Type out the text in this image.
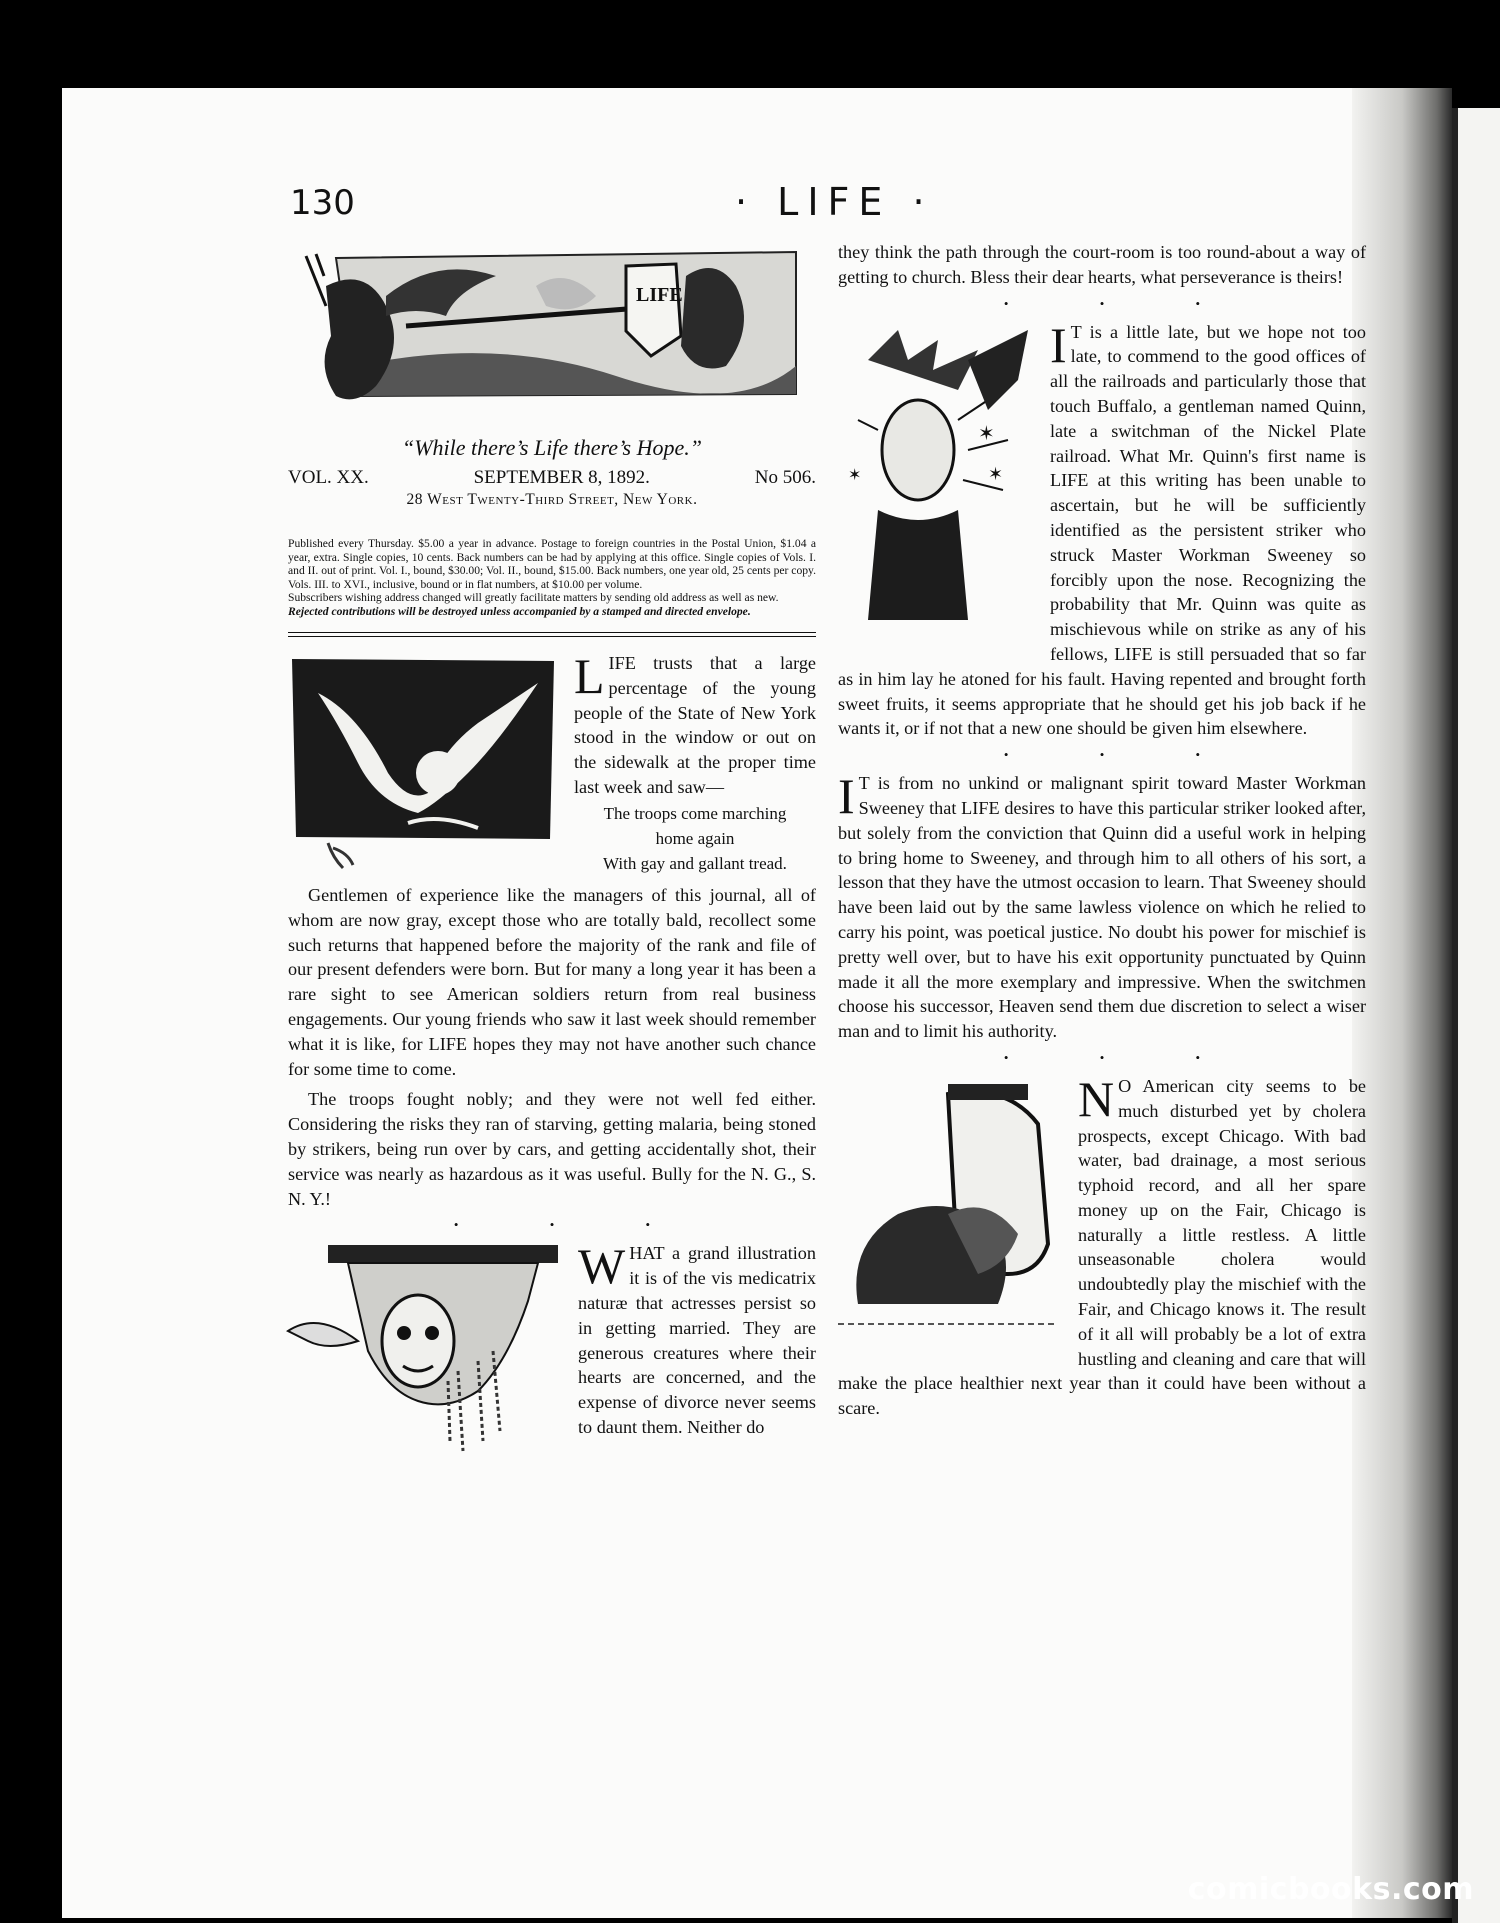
130	· LIFE ·
LIFE
“While there’s Life there’s Hope.”
VOL. XX.	SEPTEMBER 8, 1892.	No 506.
28 West Twenty-Third Street, New York.
Published every Thursday. $5.00 a year in advance. Postage to foreign countries in the Postal Union, $1.04 a year, extra. Single copies, 10 cents. Back numbers can be had by applying at this office. Single copies of Vols. I. and II. out of print. Vol. I., bound, $30.00; Vol. II., bound, $15.00. Back numbers, one year old, 25 cents per copy. Vols. III. to XVI., inclusive, bound or in flat numbers, at $10.00 per volume.
Subscribers wishing address changed will greatly facilitate matters by sending old address as well as new.
Rejected contributions will be destroyed unless accompanied by a stamped and directed envelope.
L IFE trusts that a large percentage of the young people of the State of New York stood in the window or out on the sidewalk at the proper time last week and saw—

The troops come marching
home again
With gay and gallant tread.

Gentlemen of experience like the managers of this journal, all of whom are now gray, except those who are totally bald, recollect some such returns that happened before the majority of the rank and file of our present defenders were born. But for many a long year it has been a rare sight to see American soldiers return from real business engagements. Our young friends who saw it last week should remember what it is like, for LIFE hopes they may not have another such chance for some time to come.

The troops fought nobly; and they were not well fed either. Considering the risks they ran of starving, getting malaria, being stoned by strikers, being run over by cars, and getting accidentally shot, their service was nearly as hazardous as it was useful. Bully for the N. G., S. N. Y.!

• • •
W HAT a grand illustration it is of the vis medicatrix naturæ that actresses persist so in getting married. They are generous creatures where their hearts are concerned, and the expense of divorce never seems to daunt them. Neither do

they think the path through the court-room is too round-about a way of getting to church. Bless their dear hearts, what perseverance is theirs!

• • •
✶
✶
✶
I T is a little late, but we hope not too late, to commend to the good offices of all the railroads and particularly those that touch Buffalo, a gentleman named Quinn, late a switchman of the Nickel Plate railroad. What Mr. Quinn's first name is LIFE at this writing has been unable to ascertain, but he will be sufficiently identified as the persistent striker who struck Master Workman Sweeney so forcibly upon the nose. Recognizing the probability that Mr. Quinn was quite as mischievous while on strike as any of his fellows, LIFE is still persuaded that so far as in him lay he atoned for his fault. Having repented and brought forth sweet fruits, it seems appropriate that he should get his job back if he wants it, or if not that a new one should be given him elsewhere.

• • •
I T is from no unkind or malignant spirit toward Master Workman Sweeney that LIFE desires to have this particular striker looked after, but solely from the conviction that Quinn did a useful work in helping to bring home to Sweeney, and through him to all others of his sort, a lesson that they have the utmost occasion to learn. That Sweeney should have been laid out by the same lawless violence on which he relied to carry his point, was poetical justice. No doubt his power for mischief is pretty well over, but to have his exit opportunity punctuated by Quinn made it all the more exemplary and impressive. When the switchmen choose his successor, Heaven send them due discretion to select a wiser man and to limit his authority.

• • •
N O American city seems to be much disturbed yet by cholera prospects, except Chicago. With bad water, bad drainage, a most serious typhoid record, and all her spare money up on the Fair, Chicago is naturally a little restless. A little unseasonable cholera would undoubtedly play the mischief with the Fair, and Chicago knows it. The result of it all will probably be a lot of extra hustling and cleaning and care that will make the place healthier next year than it could have been without a scare.

comicbooks.com
